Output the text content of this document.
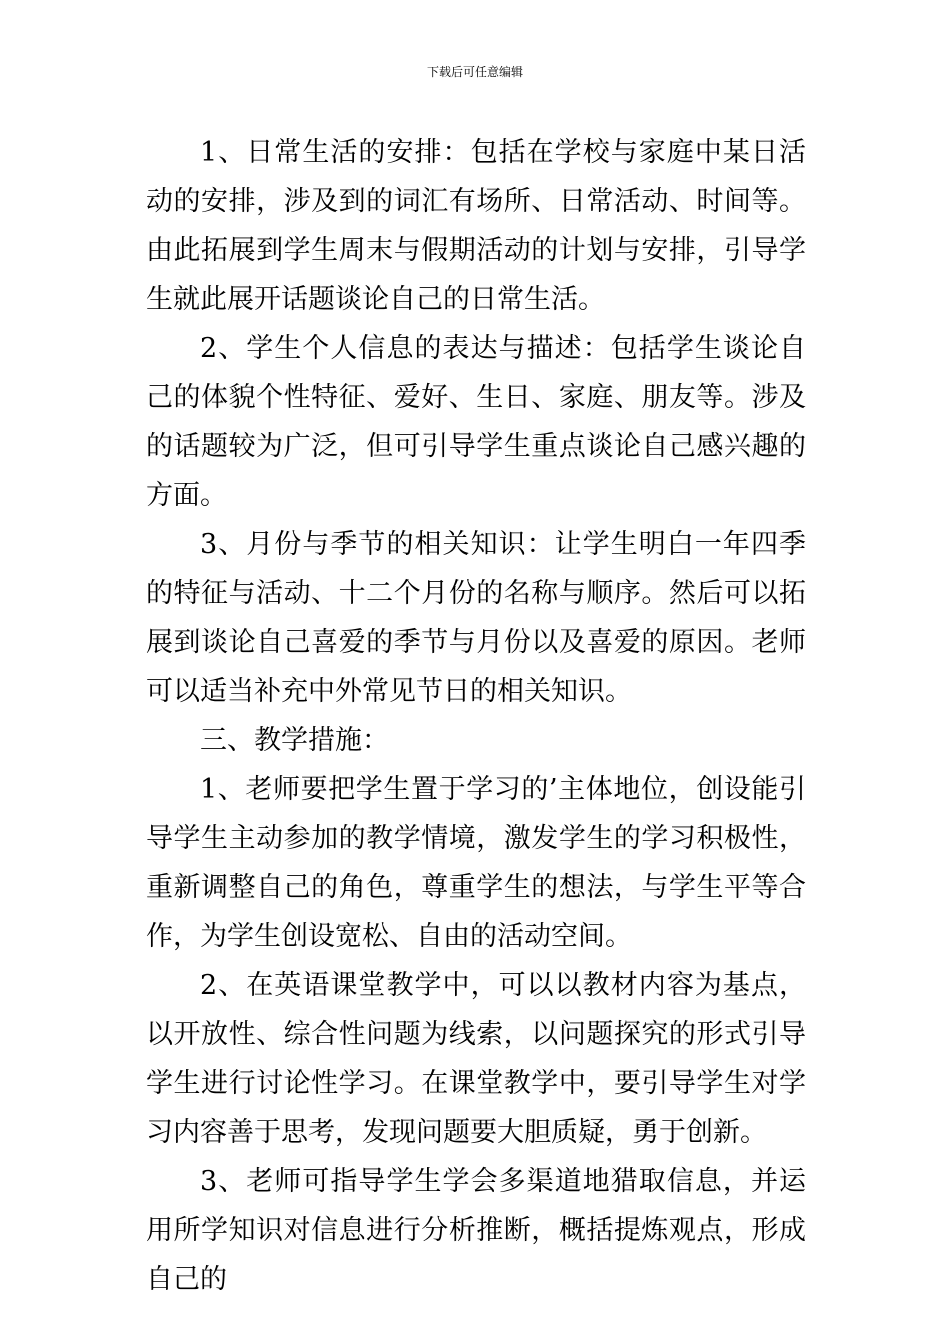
下载后可任意编辑

1、日常生活的安排：包括在学校与家庭中某日活动的安排，涉及到的词汇有场所、日常活动、时间等。由此拓展到学生周末与假期活动的计划与安排，引导学生就此展开话题谈论自己的日常生活。

2、学生个人信息的表达与描述：包括学生谈论自己的体貌个性特征、爱好、生日、家庭、朋友等。涉及的话题较为广泛，但可引导学生重点谈论自己感兴趣的方面。

3、月份与季节的相关知识：让学生明白一年四季的特征与活动、十二个月份的名称与顺序。然后可以拓展到谈论自己喜爱的季节与月份以及喜爱的原因。老师可以适当补充中外常见节日的相关知识。

三、教学措施：

1、老师要把学生置于学习的’主体地位，创设能引导学生主动参加的教学情境，激发学生的学习积极性，重新调整自己的角色，尊重学生的想法，与学生平等合作，为学生创设宽松、自由的活动空间。

2、在英语课堂教学中，可以以教材内容为基点，以开放性、综合性问题为线索，以问题探究的形式引导学生进行讨论性学习。在课堂教学中，要引导学生对学习内容善于思考，发现问题要大胆质疑，勇于创新。

3、老师可指导学生学会多渠道地猎取信息，并运用所学知识对信息进行分析推断，概括提炼观点，形成自己的
